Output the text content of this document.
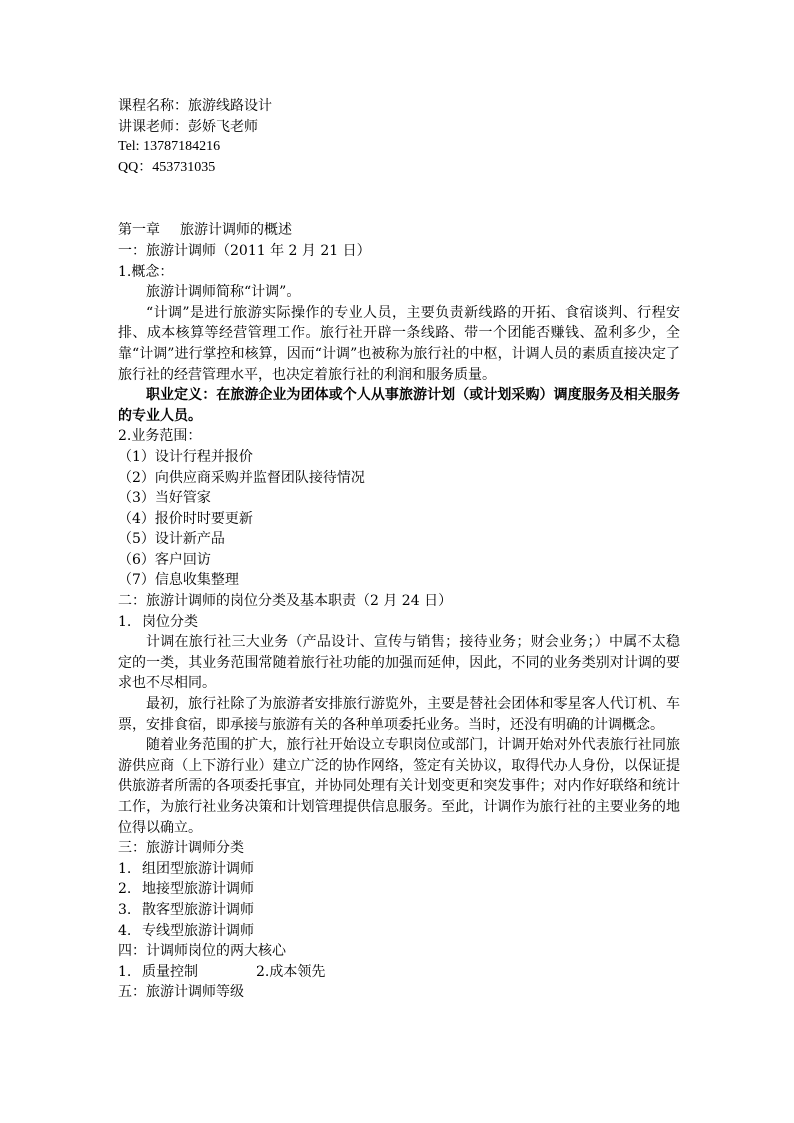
课程名称：旅游线路设计
讲课老师：彭娇飞老师
Tel: 13787184216
QQ：453731035
第一章 旅游计调师的概述
一：旅游计调师（2011 年 2 月 21 日）
1.概念：
旅游计调师简称“计调”。
“计调”是进行旅游实际操作的专业人员，主要负责新线路的开拓、食宿谈判、行程安排、成本核算等经营管理工作。旅行社开辟一条线路、带一个团能否赚钱、盈利多少，全靠“计调”进行掌控和核算，因而“计调”也被称为旅行社的中枢，计调人员的素质直接决定了旅行社的经营管理水平，也决定着旅行社的利润和服务质量。
职业定义：在旅游企业为团体或个人从事旅游计划（或计划采购）调度服务及相关服务的专业人员。
2.业务范围：
（1）设计行程并报价
（2）向供应商采购并监督团队接待情况
（3）当好管家
（4）报价时时要更新
（5）设计新产品
（6）客户回访
（7）信息收集整理
二：旅游计调师的岗位分类及基本职责（2 月 24 日）
1. 岗位分类
计调在旅行社三大业务（产品设计、宣传与销售；接待业务；财会业务；）中属不太稳定的一类，其业务范围常随着旅行社功能的加强而延伸，因此，不同的业务类别对计调的要求也不尽相同。
最初，旅行社除了为旅游者安排旅行游览外，主要是替社会团体和零星客人代订机、车票，安排食宿，即承接与旅游有关的各种单项委托业务。当时，还没有明确的计调概念。
随着业务范围的扩大，旅行社开始设立专职岗位或部门，计调开始对外代表旅行社同旅游供应商（上下游行业）建立广泛的协作网络，签定有关协议，取得代办人身份，以保证提供旅游者所需的各项委托事宜，并协同处理有关计划变更和突发事件；对内作好联络和统计工作，为旅行社业务决策和计划管理提供信息服务。至此，计调作为旅行社的主要业务的地位得以确立。
三：旅游计调师分类
1. 组团型旅游计调师
2. 地接型旅游计调师
3. 散客型旅游计调师
4. 专线型旅游计调师
四：计调师岗位的两大核心
1. 质量控制	2.成本领先
五：旅游计调师等级
